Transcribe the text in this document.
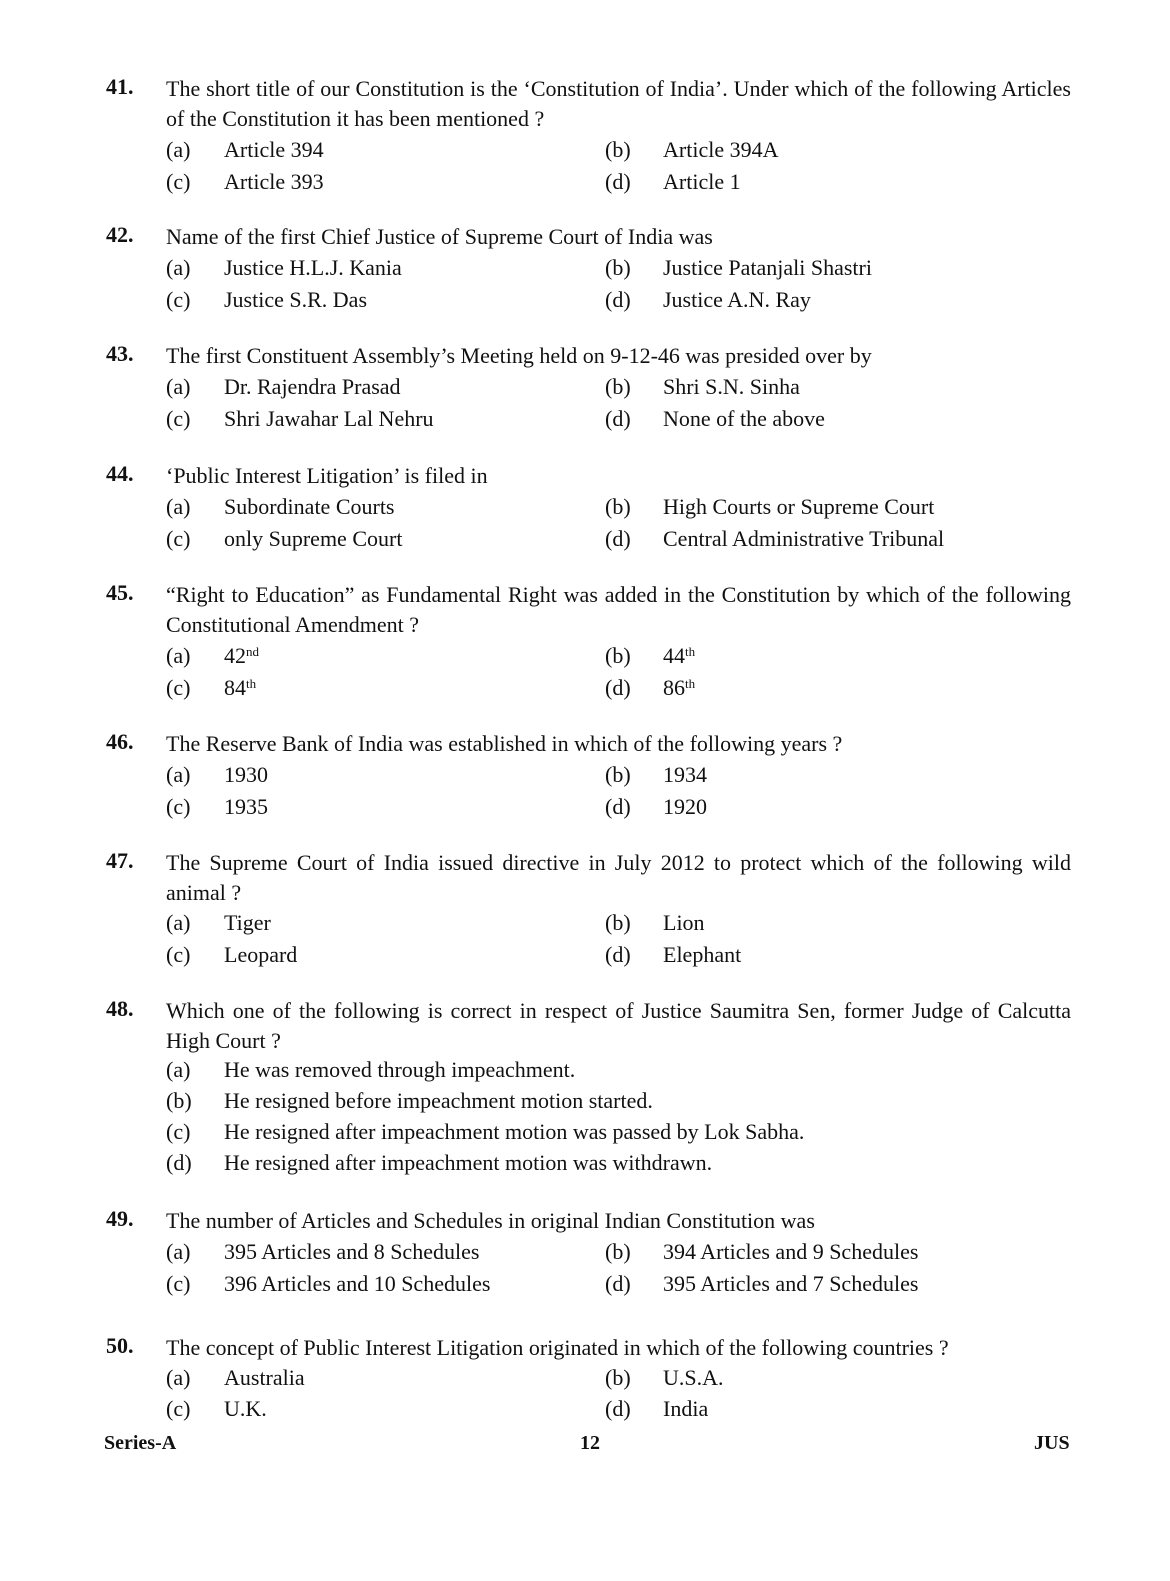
41. The short title of our Constitution is the ‘Constitution of India’. Under which of the following Articles of the Constitution it has been mentioned ?
(a) Article 394	(b) Article 394A
(c) Article 393	(d) Article 1
42. Name of the first Chief Justice of Supreme Court of India was
(a) Justice H.L.J. Kania	(b) Justice Patanjali Shastri
(c) Justice S.R. Das	(d) Justice A.N. Ray
43. The first Constituent Assembly’s Meeting held on 9-12-46 was presided over by
(a) Dr. Rajendra Prasad	(b) Shri S.N. Sinha
(c) Shri Jawahar Lal Nehru	(d) None of the above
44. ‘Public Interest Litigation’ is filed in
(a) Subordinate Courts	(b) High Courts or Supreme Court
(c) only Supreme Court	(d) Central Administrative Tribunal
45. “Right to Education” as Fundamental Right was added in the Constitution by which of the following Constitutional Amendment ?
(a) 42nd	(b) 44th
(c) 84th	(d) 86th
46. The Reserve Bank of India was established in which of the following years ?
(a) 1930	(b) 1934
(c) 1935	(d) 1920
47. The Supreme Court of India issued directive in July 2012 to protect which of the following wild animal ?
(a) Tiger	(b) Lion
(c) Leopard	(d) Elephant
48. Which one of the following is correct in respect of Justice Saumitra Sen, former Judge of Calcutta High Court ?
(a) He was removed through impeachment.
(b) He resigned before impeachment motion started.
(c) He resigned after impeachment motion was passed by Lok Sabha.
(d) He resigned after impeachment motion was withdrawn.
49. The number of Articles and Schedules in original Indian Constitution was
(a) 395 Articles and 8 Schedules	(b) 394 Articles and 9 Schedules
(c) 396 Articles and 10 Schedules	(d) 395 Articles and 7 Schedules
50. The concept of Public Interest Litigation originated in which of the following countries ?
(a) Australia	(b) U.S.A.
(c) U.K.	(d) India
Series-A	12	JUS
